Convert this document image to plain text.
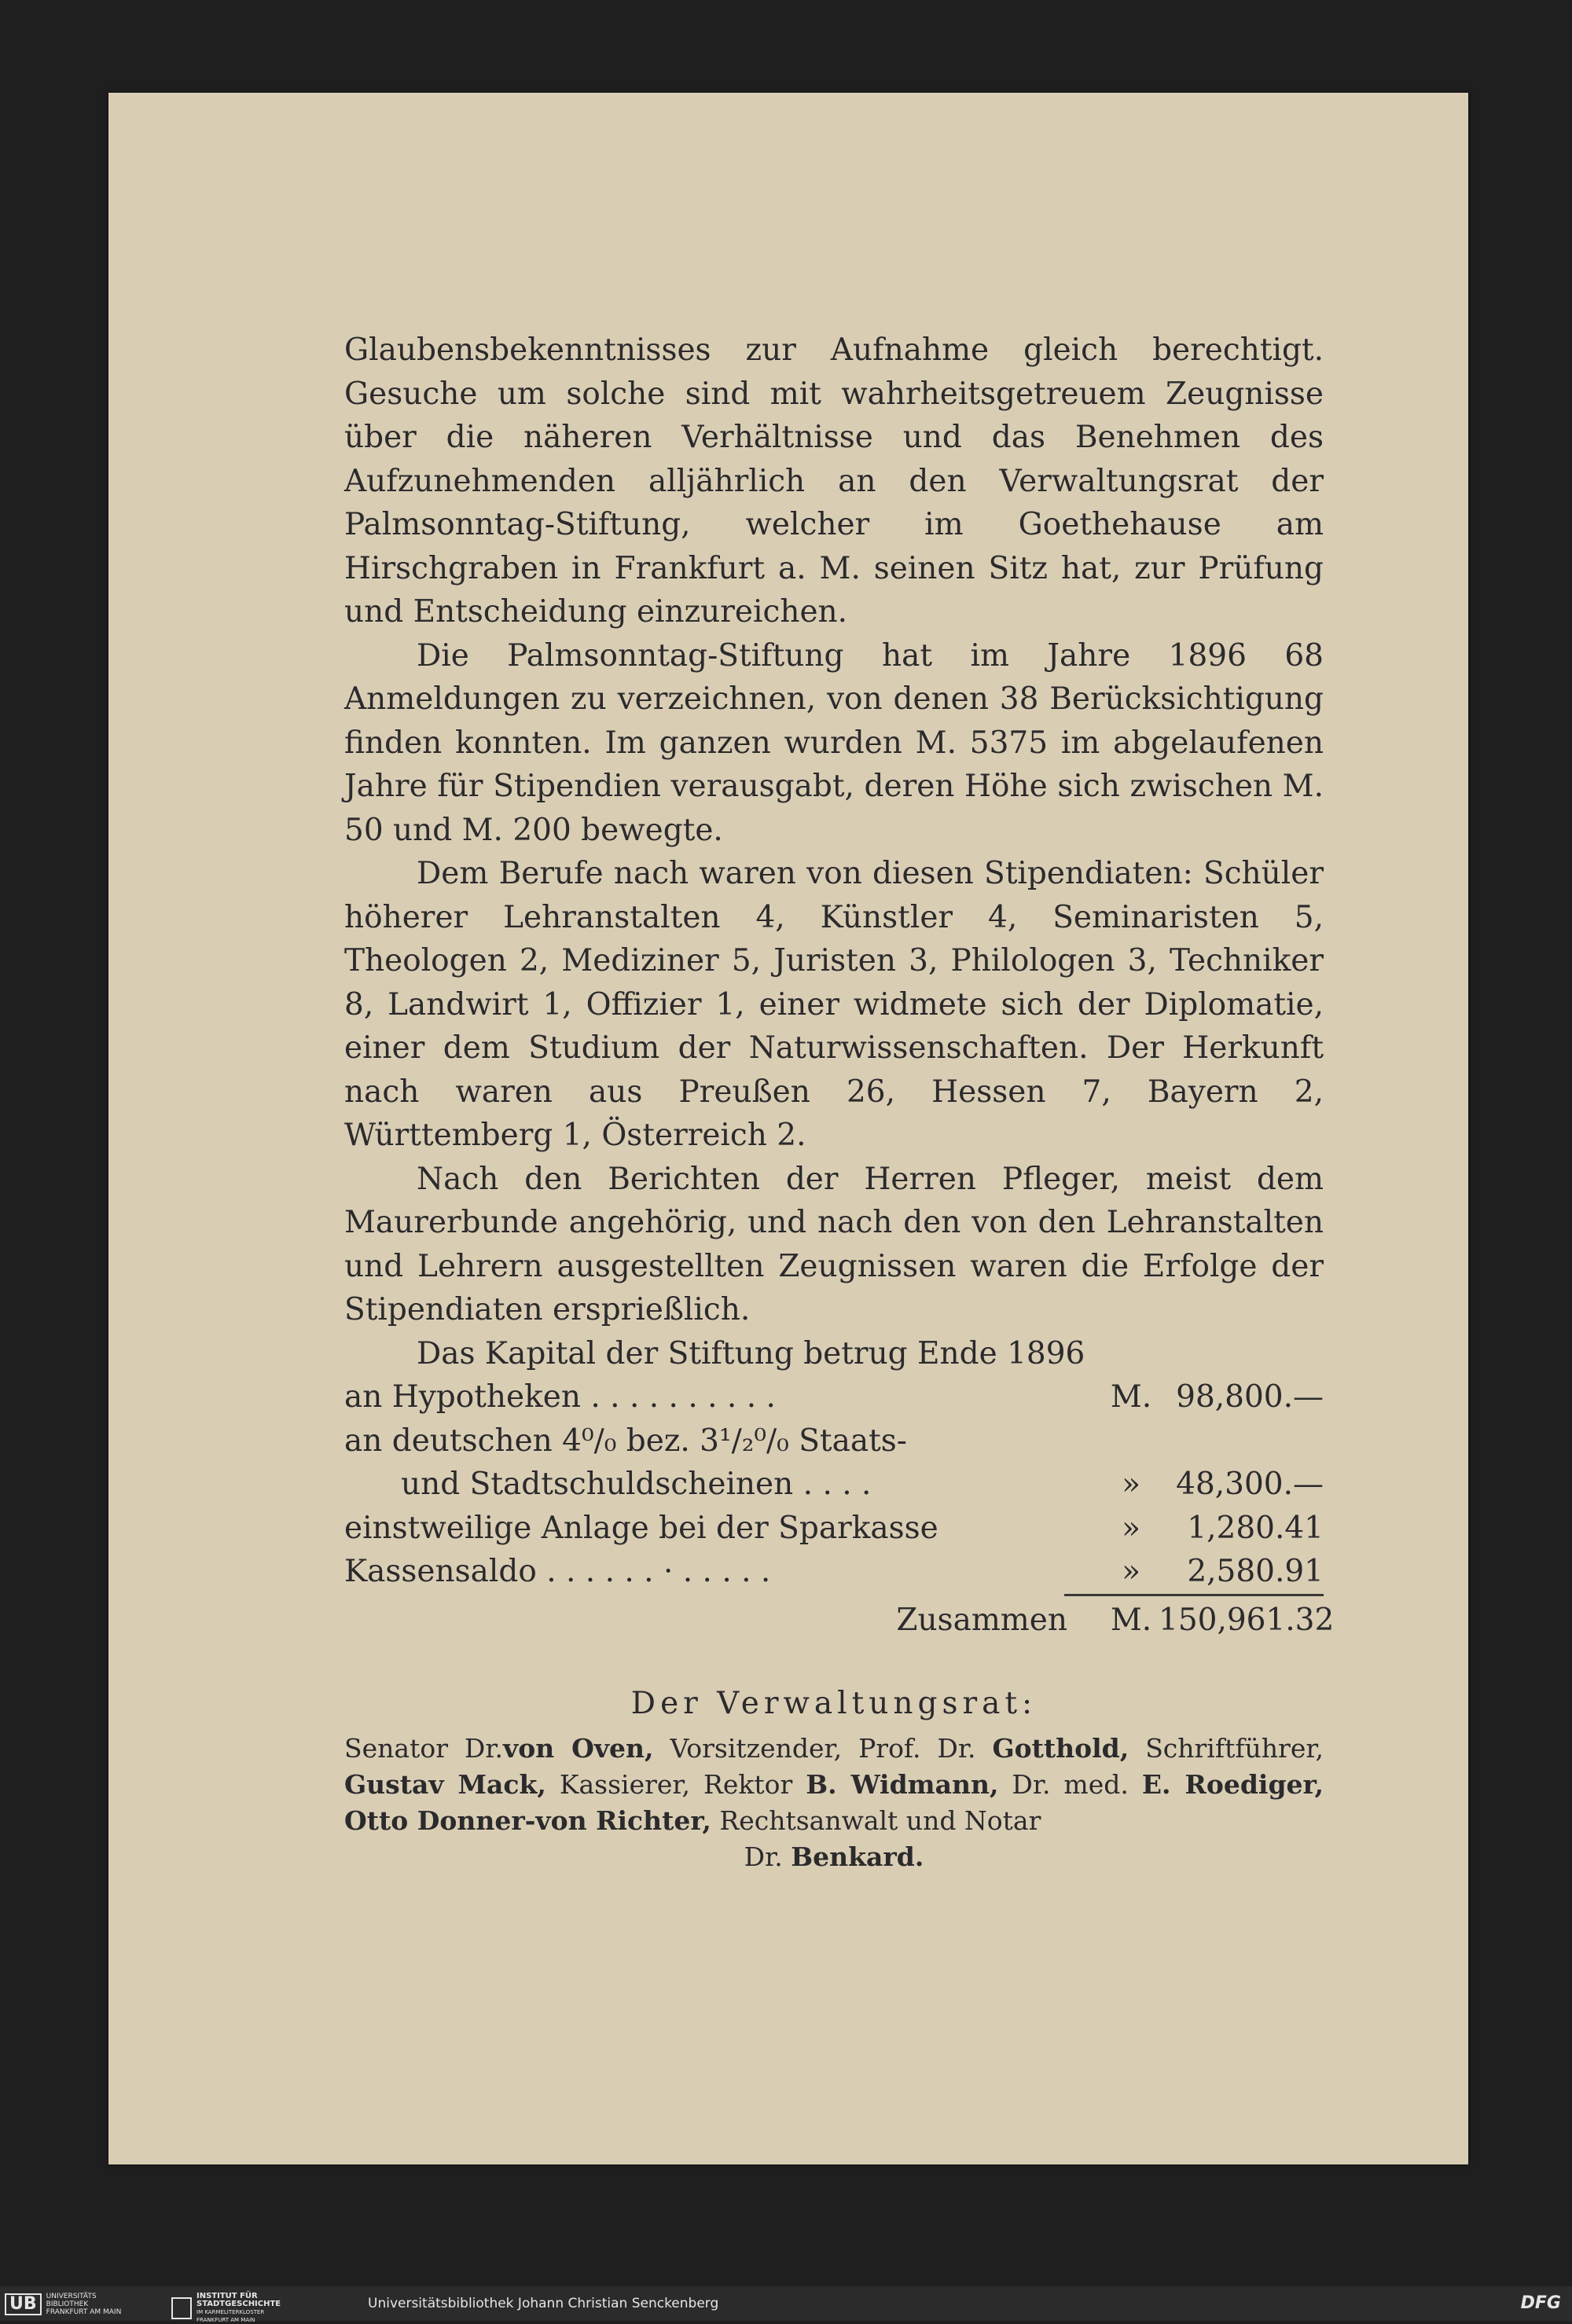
Glaubensbekenntnisses zur Aufnahme gleich berechtigt. Gesuche um solche sind mit wahrheitsgetreuem Zeugnisse über die näheren Verhältnisse und das Benehmen des Aufzunehmenden alljährlich an den Verwaltungsrat der Palmsonntag-Stiftung, welcher im Goethehause am Hirschgraben in Frankfurt a. M. seinen Sitz hat, zur Prüfung und Entscheidung einzureichen.

Die Palmsonntag-Stiftung hat im Jahre 1896 68 Anmeldungen zu verzeichnen, von denen 38 Berücksichtigung finden konnten. Im ganzen wurden M. 5375 im abgelaufenen Jahre für Stipendien verausgabt, deren Höhe sich zwischen M. 50 und M. 200 bewegte.

Dem Berufe nach waren von diesen Stipendiaten: Schüler höherer Lehranstalten 4, Künstler 4, Seminaristen 5, Theologen 2, Mediziner 5, Juristen 3, Philologen 3, Techniker 8, Landwirt 1, Offizier 1, einer widmete sich der Diplomatie, einer dem Studium der Naturwissenschaften. Der Herkunft nach waren aus Preußen 26, Hessen 7, Bayern 2, Württemberg 1, Österreich 2.

Nach den Berichten der Herren Pfleger, meist dem Maurerbunde angehörig, und nach den von den Lehranstalten und Lehrern ausgestellten Zeugnissen waren die Erfolge der Stipendiaten ersprießlich.

Das Kapital der Stiftung betrug Ende 1896

an Hypotheken . . . . . . . . . .	M. 98,800.—
an deutschen 4⁰/₀ bez. 3¹/₂⁰/₀ Staats-
und Stadtschuldscheinen . . . .	»	48,300.—
einstweilige Anlage bei der Sparkasse	»	1,280.41
Kassensaldo . . . . . . · . . . . .	»	2,580.91
Zusammen M. 150,961.32
Der Verwaltungsrat:
Senator Dr.von Oven, Vorsitzender, Prof. Dr. Gotthold, Schriftführer, Gustav Mack, Kassierer, Rektor B. Widmann, Dr. med. E. Roediger, Otto Donner-von Richter, Rechtsanwalt und Notar
Dr. Benkard.
UB	UNIVERSITÄTS
BIBLIOTHEK
FRANKFURT AM MAIN
INSTITUT FÜR
STADTGESCHICHTE
IM KARMELITERKLOSTER
FRANKFURT AM MAIN
Universitätsbibliothek Johann Christian Senckenberg	DFG
